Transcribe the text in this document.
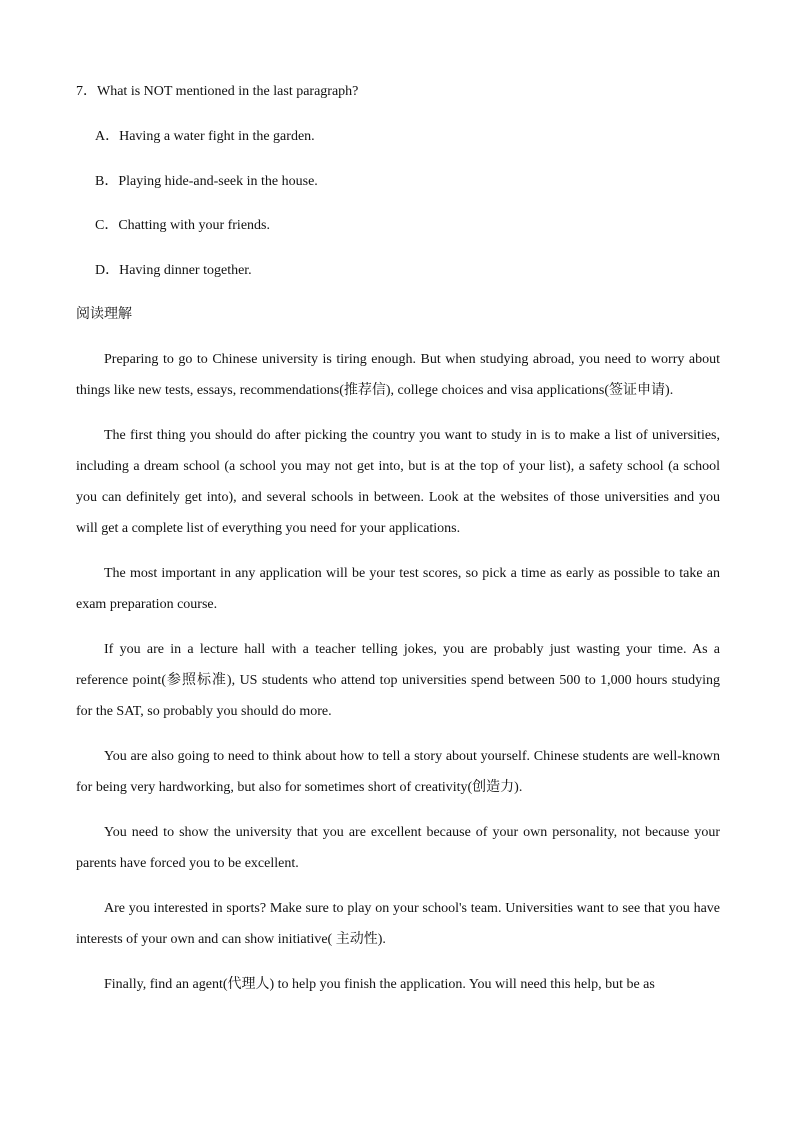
7．What is NOT mentioned in the last paragraph?

A．Having a water fight in the garden.

B．Playing hide-and-seek in the house.

C．Chatting with your friends.

D．Having dinner together.

阅读理解

Preparing to go to Chinese university is tiring enough. But when studying abroad, you need to worry about things like new tests, essays, recommendations(推荐信), college choices and visa applications(签证申请).

The first thing you should do after picking the country you want to study in is to make a list of universities, including a dream school (a school you may not get into, but is at the top of your list), a safety school (a school you can definitely get into), and several schools in between. Look at the websites of those universities and you will get a complete list of everything you need for your applications.

The most important in any application will be your test scores, so pick a time as early as possible to take an exam preparation course.

If you are in a lecture hall with a teacher telling jokes, you are probably just wasting your time. As a reference point(参照标准), US students who attend top universities spend between 500 to 1,000 hours studying for the SAT, so probably you should do more.

You are also going to need to think about how to tell a story about yourself. Chinese students are well-known for being very hardworking, but also for sometimes short of creativity(创造力).

You need to show the university that you are excellent because of your own personality, not because your parents have forced you to be excellent.

Are you interested in sports? Make sure to play on your school's team. Universities want to see that you have interests of your own and can show initiative( 主动性).

Finally, find an agent(代理人) to help you finish the application. You will need this help, but be as
